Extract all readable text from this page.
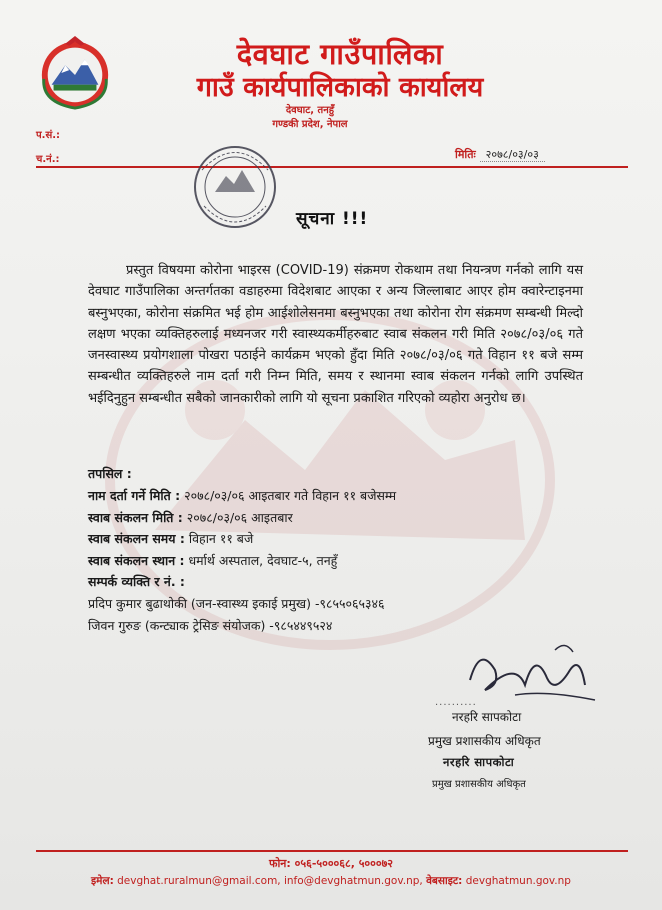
देवघाट गाउँपालिका
गाउँ कार्यपालिकाको कार्यालय
देवघाट, तनहुँ
गण्डकी प्रदेश, नेपाल
प.सं.:
च.नं.:	मितिः २०७८/०३/०३
सूचना !!!

प्रस्तुत विषयमा कोरोना भाइरस (COVID-19) संक्रमण रोकथाम तथा नियन्त्रण गर्नको लागि यस देवघाट गाउँपालिका अन्तर्गतका वडाहरुमा विदेशबाट आएका र अन्य जिल्लाबाट आएर होम क्वारेन्टाइनमा बस्नुभएका, कोरोना संक्रमित भई होम आईशोलेसनमा बस्नुभएका तथा कोरोना रोग संक्रमण सम्बन्धी मिल्दो लक्षण भएका व्यक्तिहरुलाई मध्यनजर गरी स्वास्थ्यकर्मीहरुबाट स्वाब संकलन गरी मिति २०७८/०३/०६ गते जनस्वास्थ्य प्रयोगशाला पोखरा पठाईने कार्यक्रम भएको हुँदा मिति २०७८/०३/०६ गते विहान ११ बजे सम्म सम्बन्धीत व्यक्तिहरुले नाम दर्ता गरी निम्न मिति, समय र स्थानमा स्वाब संकलन गर्नको लागि उपस्थित भईदिनुहुन सम्बन्धीत सबैको जानकारीको लागि यो सूचना प्रकाशित गरिएको व्यहोरा अनुरोध छ।

तपसिल :
नाम दर्ता गर्ने मिति : २०७८/०३/०६ आइतबार गते विहान ११ बजेसम्म
स्वाब संकलन मिति : २०७८/०३/०६ आइतबार
स्वाब संकलन समय : विहान ११ बजे
स्वाब संकलन स्थान : धर्मार्थ अस्पताल, देवघाट-५, तनहुँ
सम्पर्क व्यक्ति र नं. :
प्रदिप कुमार बुढाथोकी (जन-स्वास्थ्य इकाई प्रमुख) -९८५५०६५३४६
जिवन गुरुङ (कन्ट्याक ट्रेसिङ संयोजक) -९८५४४९५२४
..........
नरहरि सापकोटा
प्रमुख प्रशासकीय अधिकृत
नरहरि सापकोटा
प्रमुख प्रशासकीय अधिकृत
फोन: ०५६-५०००६८, ५०००७२
इमेल: devghat.ruralmun@gmail.com, info@devghatmun.gov.np, वेबसाइट: devghatmun.gov.np
